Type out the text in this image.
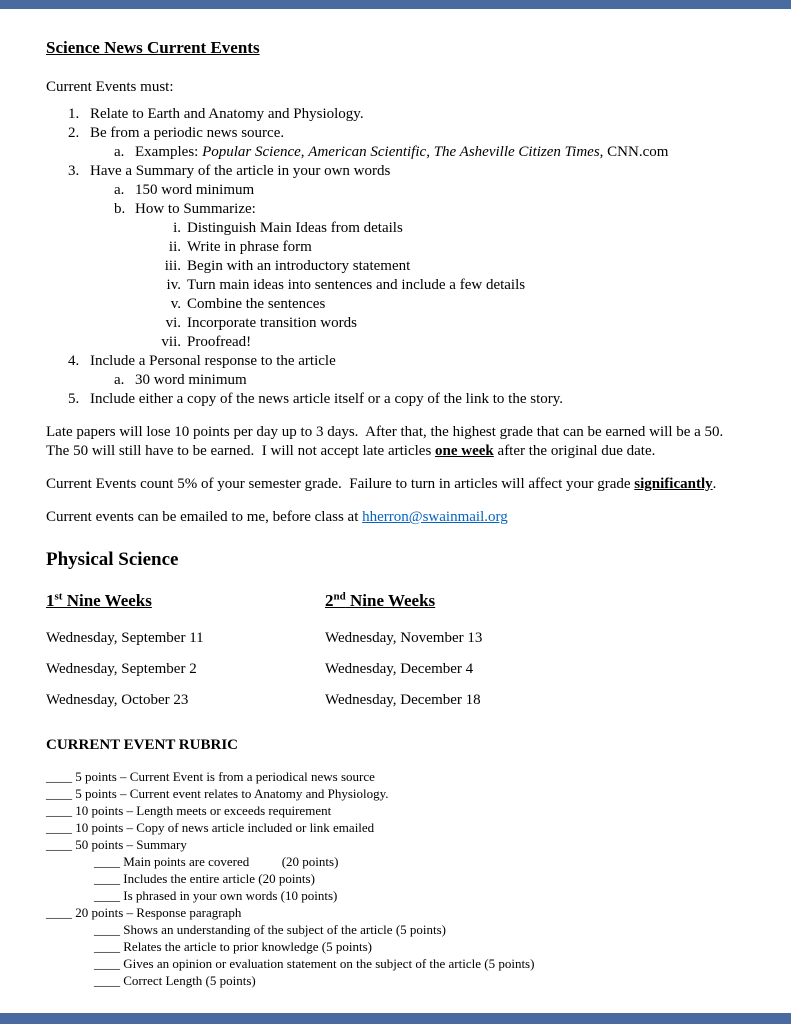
Science News Current Events

Current Events must:

1. Relate to Earth and Anatomy and Physiology.
2. Be from a periodic news source.
a. Examples: Popular Science, American Scientific, The Asheville Citizen Times, CNN.com
3. Have a Summary of the article in your own words
a. 150 word minimum
b. How to Summarize:
i. Distinguish Main Ideas from details
ii. Write in phrase form
iii. Begin with an introductory statement
iv. Turn main ideas into sentences and include a few details
v. Combine the sentences
vi. Incorporate transition words
vii. Proofread!
4. Include a Personal response to the article
a. 30 word minimum
5. Include either a copy of the news article itself or a copy of the link to the story.

Late papers will lose 10 points per day up to 3 days.  After that, the highest grade that can be earned will be a 50.  The 50 will still have to be earned.  I will not accept late articles one week after the original due date.

Current Events count 5% of your semester grade.  Failure to turn in articles will affect your grade significantly.

Current events can be emailed to me, before class at hherron@swainmail.org

Physical Science
1st Nine Weeks

Wednesday, September 11

Wednesday, September 2

Wednesday, October 23

2nd Nine Weeks

Wednesday, November 13

Wednesday, December 4

Wednesday, December 18

CURRENT EVENT RUBRIC

____ 5 points – Current Event is from a periodical news source

____ 5 points – Current event relates to Anatomy and Physiology.

____ 10 points – Length meets or exceeds requirement

____ 10 points – Copy of news article included or link emailed

____ 50 points – Summary

____ Main points are covered          (20 points)

____ Includes the entire article (20 points)

____ Is phrased in your own words (10 points)

____ 20 points – Response paragraph

____ Shows an understanding of the subject of the article (5 points)

____ Relates the article to prior knowledge (5 points)

____ Gives an opinion or evaluation statement on the subject of the article (5 points)

____ Correct Length (5 points)
